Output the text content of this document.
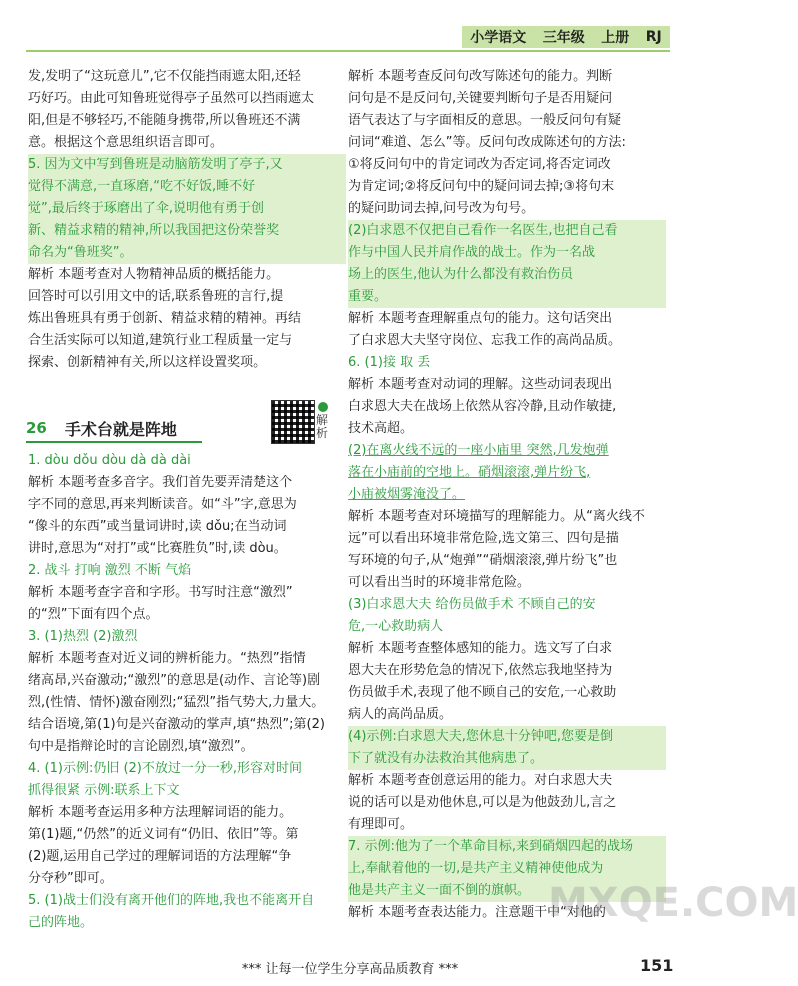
小学语文 三年级 上册 RJ
发,发明了“这玩意儿”,它不仅能挡雨遮太阳,还轻
巧好巧。由此可知鲁班觉得亭子虽然可以挡雨遮太
阳,但是不够轻巧,不能随身携带,所以鲁班还不满
意。根据这个意思组织语言即可。
5. 因为文中写到鲁班是动脑筋发明了亭子,又
觉得不满意,一直琢磨,“吃不好饭,睡不好
觉”,最后终于琢磨出了伞,说明他有勇于创
新、精益求精的精神,所以我国把这份荣誉奖
命名为“鲁班奖”。
解析 本题考查对人物精神品质的概括能力。
回答时可以引用文中的话,联系鲁班的言行,提
炼出鲁班具有勇于创新、精益求精的精神。再结
合生活实际可以知道,建筑行业工程质量一定与
探索、创新精神有关,所以这样设置奖项。
26 手术台就是阵地	解析
1. dòu dǒu dòu dà dà dài
解析 本题考查多音字。我们首先要弄清楚这个
字不同的意思,再来判断读音。如“斗”字,意思为
“像斗的东西”或当量词讲时,读 dǒu;在当动词
讲时,意思为“对打”或“比赛胜负”时,读 dòu。
2. 战斗 打响 激烈 不断 气焰
解析 本题考查字音和字形。书写时注意“激烈”
的“烈”下面有四个点。
3. (1)热烈 (2)激烈
解析 本题考查对近义词的辨析能力。“热烈”指情
绪高昂,兴奋激动;“激烈”的意思是(动作、言论等)剧
烈,(性情、情怀)激奋刚烈;“猛烈”指气势大,力量大。
结合语境,第(1)句是兴奋激动的掌声,填“热烈”;第(2)
句中是指辩论时的言论剧烈,填“激烈”。
4. (1)示例:仍旧 (2)不放过一分一秒,形容对时间
抓得很紧 示例:联系上下文
解析 本题考查运用多种方法理解词语的能力。
第(1)题,“仍然”的近义词有“仍旧、依旧”等。第
(2)题,运用自己学过的理解词语的方法理解“争
分夺秒”即可。
5. (1)战士们没有离开他们的阵地,我也不能离开自
己的阵地。
解析 本题考查反问句改写陈述句的能力。判断
问句是不是反问句,关键要判断句子是否用疑问
语气表达了与字面相反的意思。一般反问句有疑
问词“难道、怎么”等。反问句改成陈述句的方法:
①将反问句中的肯定词改为否定词,将否定词改
为肯定词;②将反问句中的疑问词去掉;③将句末
的疑问助词去掉,问号改为句号。
(2)白求恩不仅把自己看作一名医生,也把自己看
作与中国人民并肩作战的战士。作为一名战
场上的医生,他认为什么都没有救治伤员
重要。
解析 本题考查理解重点句的能力。这句话突出
了白求恩大夫坚守岗位、忘我工作的高尚品质。
6. (1)接 取 丢
解析 本题考查对动词的理解。这些动词表现出
白求恩大夫在战场上依然从容冷静,且动作敏捷,
技术高超。
(2)在离火线不远的一座小庙里 突然,几发炮弹
落在小庙前的空地上。硝烟滚滚,弹片纷飞,
小庙被烟雾淹没了。
解析 本题考查对环境描写的理解能力。从“离火线不
远”可以看出环境非常危险,选文第三、四句是描
写环境的句子,从“炮弹”“硝烟滚滚,弹片纷飞”也
可以看出当时的环境非常危险。
(3)白求恩大夫 给伤员做手术 不顾自己的安
危,一心救助病人
解析 本题考查整体感知的能力。选文写了白求
恩大夫在形势危急的情况下,依然忘我地坚持为
伤员做手术,表现了他不顾自己的安危,一心救助
病人的高尚品质。
(4)示例:白求恩大夫,您休息十分钟吧,您要是倒
下了就没有办法救治其他病患了。
解析 本题考查创意运用的能力。对白求恩大夫
说的话可以是劝他休息,可以是为他鼓劲儿,言之
有理即可。
7. 示例:他为了一个革命目标,来到硝烟四起的战场
上,奉献着他的一切,是共产主义精神使他成为
他是共产主义一面不倒的旗帜。
解析 本题考查表达能力。注意题干中“对他的
MXQE.COM
*** 让每一位学生分享高品质教育 ***	151
